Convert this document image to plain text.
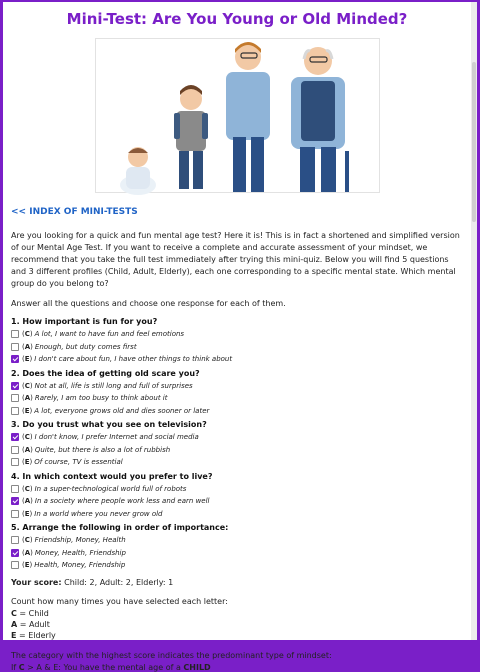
Mini-Test: Are You Young or Old Minded?
<< INDEX OF MINI-TESTS

Are you looking for a quick and fun mental age test? Here it is! This is in fact a shortened and simplified version of our Mental Age Test. If you want to receive a complete and accurate assessment of your mindset, we recommend that you take the full test immediately after trying this mini-quiz. Below you will find 5 questions and 3 different profiles (Child, Adult, Elderly), each one corresponding to a specific mental state. Which mental group do you belong to?

Answer all the questions and choose one response for each of them.

1. How important is fun for you?
(C) A lot, I want to have fun and feel emotions
(A) Enough, but duty comes first
(E) I don't care about fun, I have other things to think about
2. Does the idea of getting old scare you?
(C) Not at all, life is still long and full of surprises
(A) Rarely, I am too busy to think about it
(E) A lot, everyone grows old and dies sooner or later
3. Do you trust what you see on television?
(C) I don't know, I prefer Internet and social media
(A) Quite, but there is also a lot of rubbish
(E) Of course, TV is essential
4. In which context would you prefer to live?
(C) In a super-technological world full of robots
(A) In a society where people work less and earn well
(E) In a world where you never grow old
5. Arrange the following in order of importance:
(C) Friendship, Money, Health
(A) Money, Health, Friendship
(E) Health, Money, Friendship
Your score: Child: 2, Adult: 2, Elderly: 1
Count how many times you have selected each letter:
C = Child
A = Adult
E = Elderly
The category with the highest score indicates the predominant type of mindset:
If C > A & E: You have the mental age of a CHILD
